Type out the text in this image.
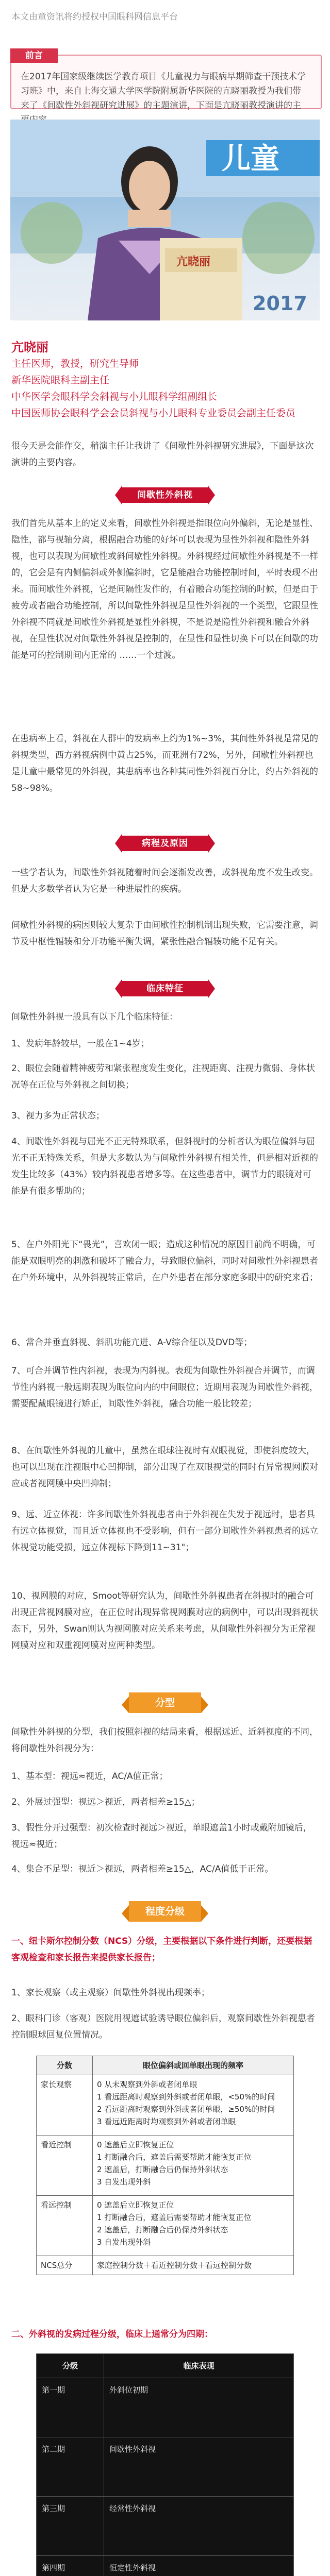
本文由童资讯将约授权中国眼科网信息平台
前言
在2017年国家级继续医学教育项目《儿童视力与眼病早期筛查干预技术学习班》中，来自上海交通大学医学院附属新华医院的亢晓丽教授为我们带来了《间歇性外斜视研究进展》的主题演讲，下面是亢晓丽教授演讲的主
儿童
亢晓丽
2017
亢晓丽
主任医师，教授，研究生导师
新华医院眼科主副主任
中华医学会眼科学会斜视与小儿眼科学组副组长
中国医师协会眼科学会会员斜视与小儿眼科专业委员会副主任委员
很今天是会能作交，稍演主任让我讲了《间歇性外斜视研究进展》，下面是这次演讲的主要内容。
间歇性外斜视
我们首先从基本上的定义来看，间歇性外斜视是指眼位向外偏斜，无论是显性、隐性，都与视轴分离，根据融合功能的好坏可以表现为显性外斜视和隐性外斜视，也可以表现为间歇性或斜间歇性外斜视。外斜视经过间歇性外斜视是不一样的，它会是有内侧偏斜或外侧偏斜时，它是能融合功能控制时间，平时表现不出来。而间歇性外斜视，它是间隔性发作的，有着融合功能控制的时候，但是由于疲劳或者融合功能控制，所以间歇性外斜视是显性外斜视的一个类型，它跟显性外斜视不同就是间歇性外斜视是显性外斜视，不是说是隐性外斜视和融合外斜视，在显性状况对间歇性外斜视是控制的，在显性和显性切换下可以在间歇的功能是可的控制期间内正常的 ……一个过渡。
在患病率上看，斜视在人群中的发病率上约为1%~3%，其间性外斜视是常见的斜视类型，西方斜视病例中黄占25%，而亚洲有72%，另外，间歇性外斜视也是儿童中最常见的外斜视，其患病率也各种其同性外斜视百分比，约占外斜视的58~98%。
病程及原因
一些学者认为，间歇性外斜视随着时间会逐渐发改善，或斜视角度不发生改变。但是大多数学者认为它是一种进展性的疾病。
间歇性外斜视的病因则较大复杂于由间歇性控制机制出现失败，它需要注意，调节及中枢性辐辏和分开功能平衡失调，紧张性融合辐辏功能不足有关。
临床特征
间歇性外斜视一般具有以下几个临床特征：
1、发病年龄较早，一般在1~4岁；
2、眼位会随着精神疲劳和紧张程度发生变化，注视距离、注视力微弱、身体状况等在正位与外斜视之间切换；
3、视力多为正常状态；
4、间歇性外斜视与屈光不正无特殊联系，但斜视时的分析者认为眼位偏斜与屈光不正无特殊关系，但是大多数认为与间歇性外斜视有相关性，但是相对近视的发生比较多（43%）较内斜视患者增多等。在这些患者中，调节力的眼镜对可能是有很多帮助的；
5、在户外阳光下“畏光”，喜欢闭一眼；造成这种情况的原因目前尚不明确，可能是双眼明亮的刺激和破坏了融合力，导致眼位偏斜，同时对间歇性外斜视患者在户外环境中，从外斜视转正常后，在户外患者在部分家庭多眼中的研究来看；
6、常合并垂直斜视、斜肌功能亢进、A-V综合征以及DVD等；
7、可合并调节性内斜视，表现为内斜视。表现为间歇性外斜视合并调节，而调节性内斜视一般远期表现为眼位向内的中间眼位；近期用表现为间歇性外斜视，需要配戴眼镜进行矫正，间歇性外斜视，融合功能一般比较差；
8、在间歇性外斜视的儿童中，虽然在眼球注视时有双眼视觉，即使斜度较大，也可以出现在注视眼中心凹抑制，部分出现了在双眼视觉的同时有异常视网膜对应或者视网膜中央凹抑制；
9、远、近立体视：许多间歇性外斜视患者由于外斜视在失发于视远时，患者具有远立体视觉，而且近立体视也不受影响，但有一部分间歇性外斜视患者的远立体视觉功能受损，远立体视标下降到11~31"；
10、视网膜的对应，Smoot等研究认为，间歇性外斜视患者在斜视时的融合可出现正常视网膜对应，在正位时出现异常视网膜对应的病例中，可以出现斜视状态下，另外，Swan则认为视网膜对应关系来考虑，从间歇性外斜视分为正常视网膜对应和双重视网膜对应两种类型。
分型
间歇性外斜视的分型，我们按照斜视的结局来看，根据远近、近斜视度的不同，将间歇性外斜视分为：
1、基本型：视远≈视近，AC/A值正常；
2、外展过强型：视远＞视近，两者相差≥15△；
3、假性分开过强型：初次检查时视远＞视近，单眼遮盖1小时或戴附加镜后，视远≈视近；
4、集合不足型：视近＞视远，两者相差≥15△，AC/A值低于正常。
程度分级
一、纽卡斯尔控制分数（NCS）分级，主要根据以下条件进行判断，还要根据客观检查和家长报告来提供家长报告；
1、家长观察（或主观察）间歇性外斜视出现频率；
2、眼科门诊（客观）医院用视遮试验诱导眼位偏斜后，观察间歇性外斜视患者控制眼球回复位置情况。
分数	眼位偏斜或回单眼出现的频率
家长观察	0 从未观察到外斜或者闭单眼
1 看远距离时观察到外斜或者闭单眼，<50%的时间
2 看远距离时观察到外斜或者闭单眼，≥50%的时间
3 看远近距离时均观察到外斜或者闭单眼
看近控制	0 遮盖后立即恢复正位
1 打断融合后，遮盖后需要帮助才能恢复正位
2 遮盖后，打断融合后仍保持外斜状态
3 自发出现外斜
看远控制	0 遮盖后立即恢复正位
1 打断融合后，遮盖后需要帮助才能恢复正位
2 遮盖后，打断融合后仍保持外斜状态
3 自发出现外斜
NCS总分	家庭控制分数＋看近控制分数＋看远控制分数
二、外斜视的发病过程分级，临床上通常分为四期：
分级	临床表现
第一期	外斜位初期
第二期	间歇性外斜视
第三期	经常性外斜视
第四期	恒定性外斜视
